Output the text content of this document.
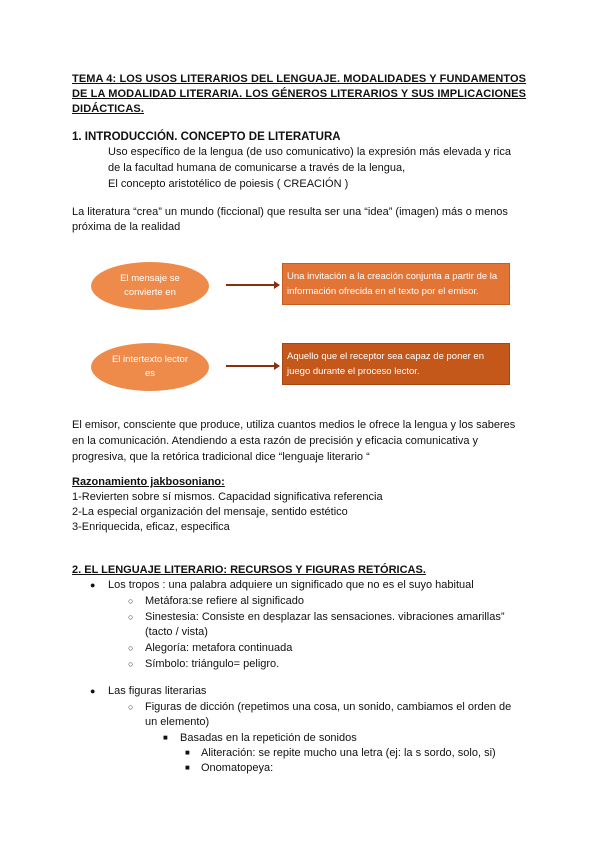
TEMA 4: LOS USOS LITERARIOS DEL LENGUAJE. MODALIDADES Y FUNDAMENTOS
DE LA MODALIDAD LITERARIA. LOS GÉNEROS LITERARIOS Y SUS IMPLICACIONES
DIDÁCTICAS.
1. INTRODUCCIÓN. CONCEPTO DE LITERATURA
Uso específico de la lengua (de uso comunicativo) la expresión más elevada y rica
de la facultad humana de comunicarse a través de la lengua,
El concepto aristotélico de poiesis ( CREACIÓN )
La literatura “crea” un mundo (ficcional) que resulta ser una “idea” (imagen) más o menos
próxima de la realidad
El mensaje se
convierte en
Una invitación a la creación conjunta a partir de la
información ofrecida en el texto por el emisor.
El intertexto lector
es
Aquello que el receptor sea capaz de poner en
juego durante el proceso lector.
El emisor, consciente que produce, utiliza cuantos medios le ofrece la lengua y los saberes
en la comunicación. Atendiendo a esta razón de precisión y eficacia comunicativa y
progresiva, que la retórica tradicional dice “lenguaje literario “
Razonamiento jakbosoniano:
1-Revierten sobre sí mismos. Capacidad significativa referencia
2-La especial organización del mensaje, sentido estético
3-Enriquecida, eficaz, especifica
2. EL LENGUAJE LITERARIO: RECURSOS Y FIGURAS RETÓRICAS.
● Los tropos : una palabra adquiere un significado que no es el suyo habitual
○ Metáfora:se refiere al significado
○ Sinestesia: Consiste en desplazar las sensaciones. vibraciones amarillas”
(tacto / vista)
○ Alegoría: metafora continuada
○ Símbolo: triángulo= peligro.
● Las figuras literarias
○ Figuras de dicción (repetimos una cosa, un sonido, cambiamos el orden de
un elemento)
■ Basadas en la repetición de sonidos
■ Aliteración: se repite mucho una letra (ej: la s sordo, solo, si)
■ Onomatopeya:
